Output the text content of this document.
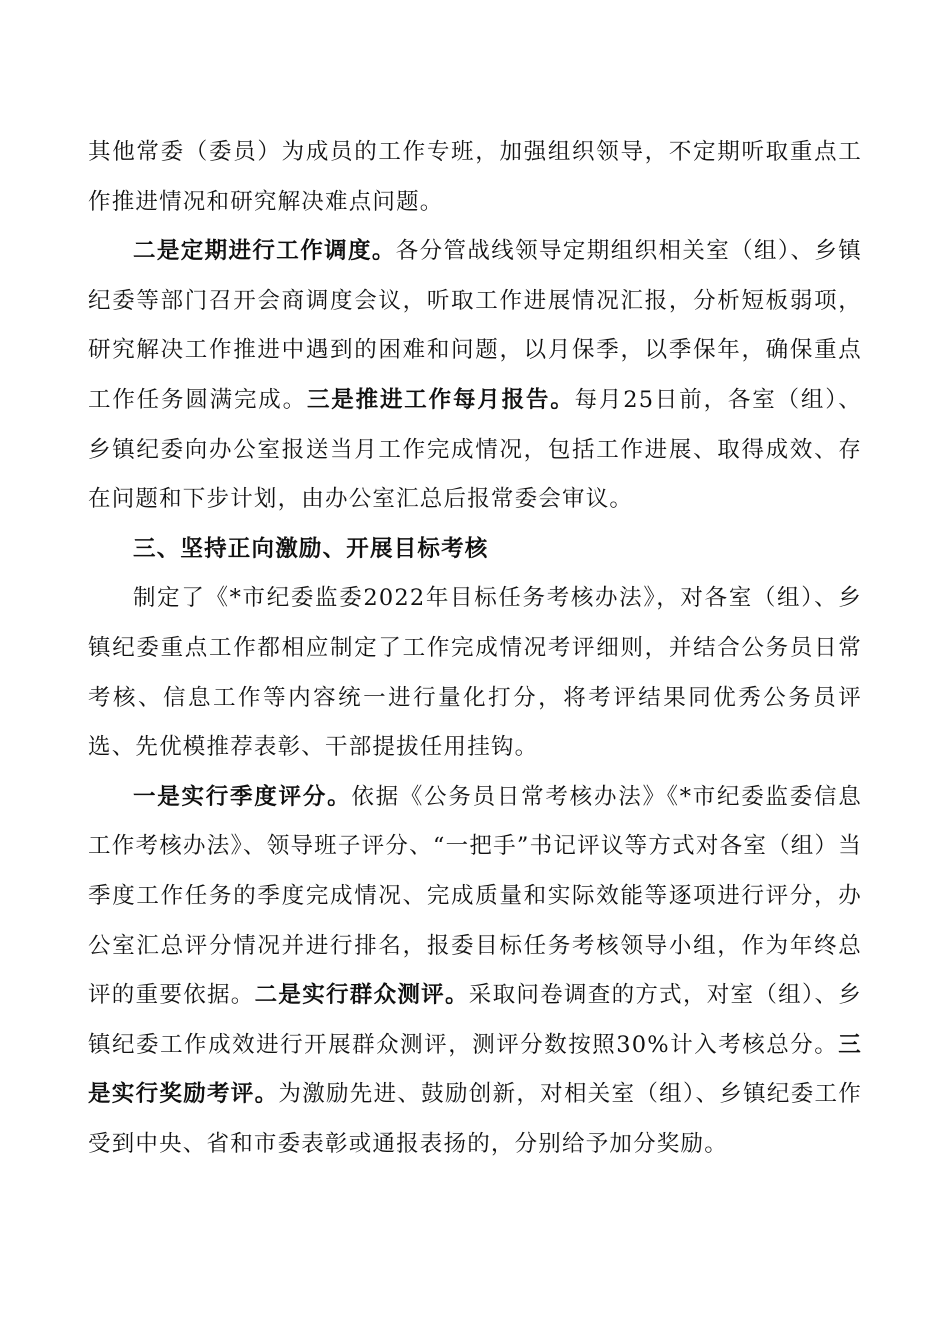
其他常委（委员）为成员的工作专班，加强组织领导，不定期听取重点工作推进情况和研究解决难点问题。

二是定期进行工作调度。各分管战线领导定期组织相关室（组）、乡镇纪委等部门召开会商调度会议，听取工作进展情况汇报，分析短板弱项，研究解决工作推进中遇到的困难和问题，以月保季，以季保年，确保重点工作任务圆满完成。三是推进工作每月报告。每月25日前，各室（组）、乡镇纪委向办公室报送当月工作完成情况，包括工作进展、取得成效、存在问题和下步计划，由办公室汇总后报常委会审议。

三、坚持正向激励、开展目标考核

制定了《*市纪委监委2022年目标任务考核办法》，对各室（组）、乡镇纪委重点工作都相应制定了工作完成情况考评细则，并结合公务员日常考核、信息工作等内容统一进行量化打分，将考评结果同优秀公务员评选、先优模推荐表彰、干部提拔任用挂钩。

一是实行季度评分。依据《公务员日常考核办法》《*市纪委监委信息工作考核办法》、领导班子评分、“一把手”书记评议等方式对各室（组）当季度工作任务的季度完成情况、完成质量和实际效能等逐项进行评分，办公室汇总评分情况并进行排名，报委目标任务考核领导小组，作为年终总评的重要依据。二是实行群众测评。采取问卷调查的方式，对室（组）、乡镇纪委工作成效进行开展群众测评，测评分数按照30%计入考核总分。三是实行奖励考评。为激励先进、鼓励创新，对相关室（组）、乡镇纪委工作受到中央、省和市委表彰或通报表扬的，分别给予加分奖励。
